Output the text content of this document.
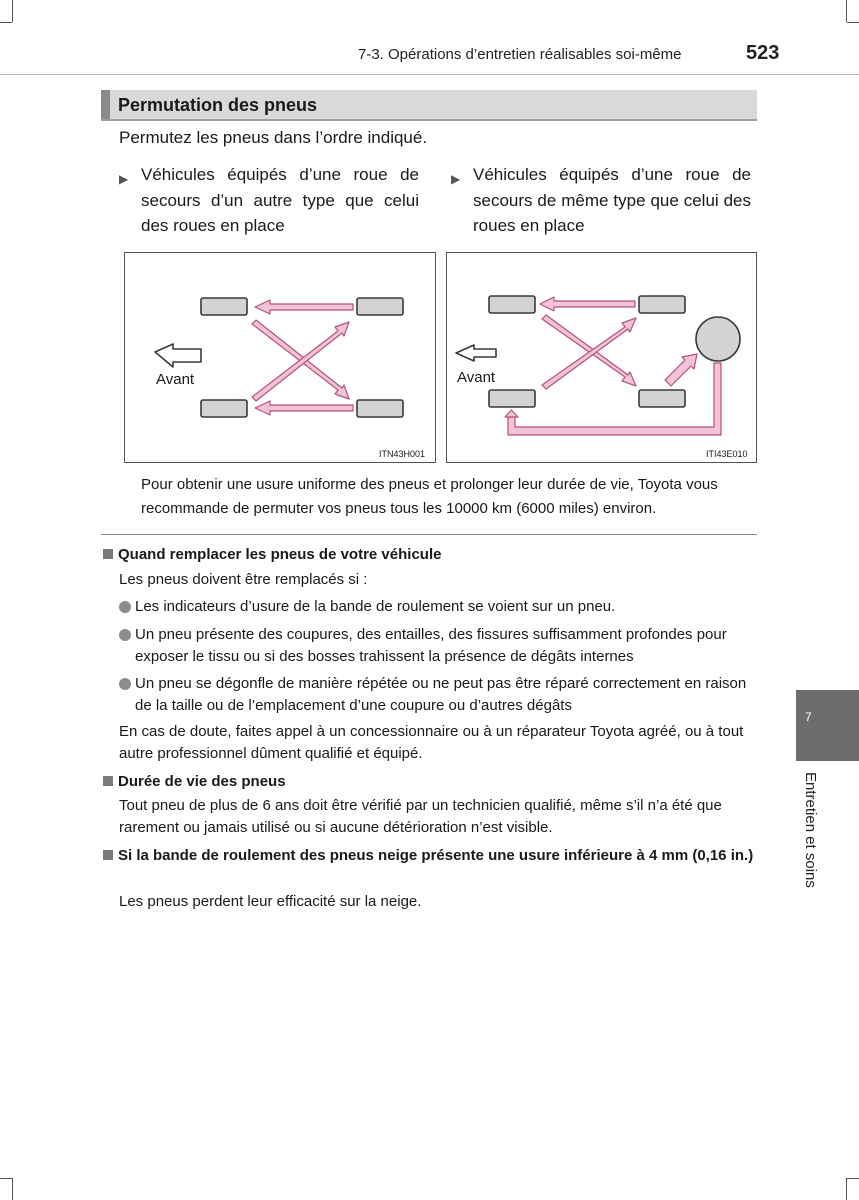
7-3. Opérations d’entretien réalisables soi-même	523
Permutation des pneus
Permutez les pneus dans l’ordre indiqué.
▶ Véhicules équipés d’une roue de secours d’un autre type que celui des roues en place
▶ Véhicules équipés d’une roue de secours de même type que celui des roues en place
Avant
ITN43H001
Avant
ITI43E010
Pour obtenir une usure uniforme des pneus et prolonger leur durée de vie, Toyota vous recommande de permuter vos pneus tous les 10000 km (6000 miles) environ.
Quand remplacer les pneus de votre véhicule
Les pneus doivent être remplacés si :
Les indicateurs d’usure de la bande de roulement se voient sur un pneu.
Un pneu présente des coupures, des entailles, des fissures suffisamment profondes pour exposer le tissu ou si des bosses trahissent la présence de dégâts internes
Un pneu se dégonfle de manière répétée ou ne peut pas être réparé correctement en raison de la taille ou de l’emplacement d’une coupure ou d’autres dégâts
En cas de doute, faites appel à un concessionnaire ou à un réparateur Toyota agréé, ou à tout autre professionnel dûment qualifié et équipé.
Durée de vie des pneus
Tout pneu de plus de 6 ans doit être vérifié par un technicien qualifié, même s’il n’a été que rarement ou jamais utilisé ou si aucune détérioration n’est visible.
Si la bande de roulement des pneus neige présente une usure inférieure à 4 mm (0,16 in.)
Les pneus perdent leur efficacité sur la neige.
7
Entretien et soins
